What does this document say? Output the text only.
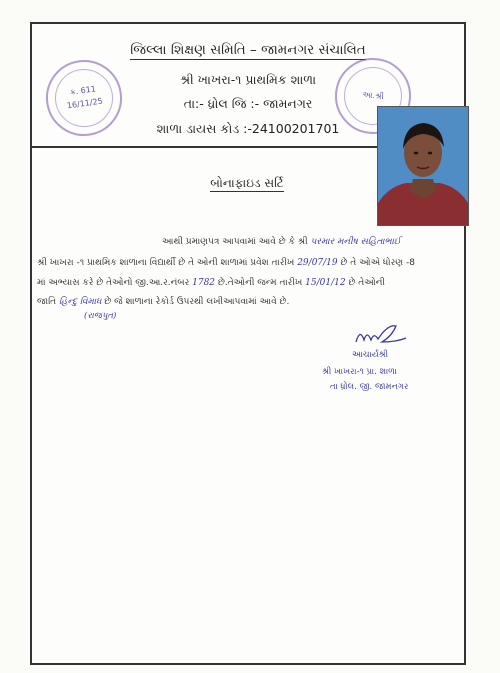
જિલ્લા શિક્ષણ સમિતિ – જામનગર સંચાલિત
શ્રી ખાખરા-૧ પ્રાથમિક શાળા
તા:- ધ્રોલ જિ :- જામનગર
શાળા ડાયસ કોડ :-24100201701
ક્ર. 611
16/11/25
આ.શ્રી
બોનાફાઇડ સર્ટિ
આથી પ્રમાણપત્ર આપવામાં આવે છે કે શ્રી પરમાર મનીષ સહિતાભાઈ
શ્રી ખાખરા -૧ પ્રાથમિક શાળાના વિદ્યાર્થી છે તે ઓની શાળામાં પ્રવેશ તારીખ 29/07/19 છે તે ઓએ ધોરણ -8
માં અભ્યાસ કરે છે તેઓનો જી.આ.ર.નંબર 1782 છે.તેઓની જન્મ તારીખ 15/01/12 છે તેઓની
જાતિ હિન્દુ વિમાધ છે જે શાળાના રેકોર્ડ ઉપરથી લખીઆપવામાં આવે છે.
(રાજપુત)
આચાર્યશ્રી
શ્રી ખાખરા-૧ પ્રા. શાળા
તા ધ્રોલ. જી. જામનગર
